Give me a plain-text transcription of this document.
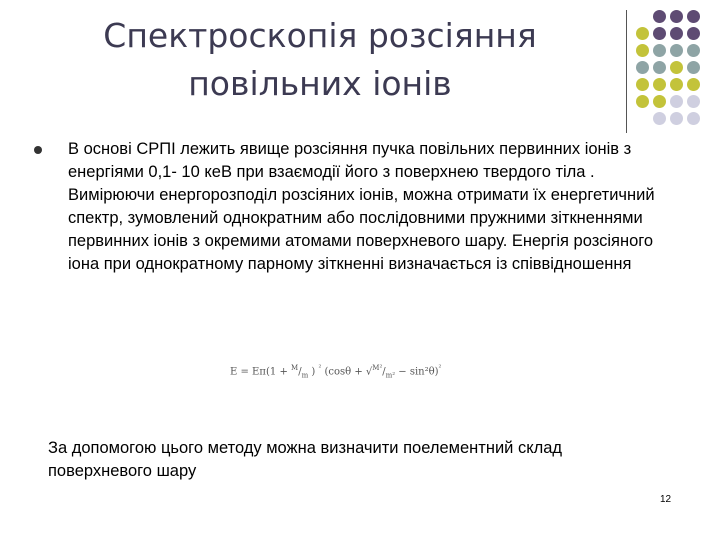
Спектроскопія розсіяння
повільних іонів

В основі СРПІ лежить явище розсіяння пучка повільних первинних іонів з енергіями 0,1- 10 кеВ при взаємодії його з поверхнею твердого тіла . Вимірюючи енергорозподіл розсіяних іонів, можна отримати їх енергетичний спектр, зумовлений однократним або послідовними пружними зіткненнями первинних іонів з окремими атомами поверхневого шару. Енергія розсіяного іона при однократному парному зіткненні визначається із співвідношення

$E = Eп(1 + ^M/_m$ ) $^{^2}$ $(\cos\theta + √^{M^2}/_{m^2} - \sin^2\theta)^{^2}$

За допомогою цього методу можна визначити поелементний склад поверхневого шару

12
